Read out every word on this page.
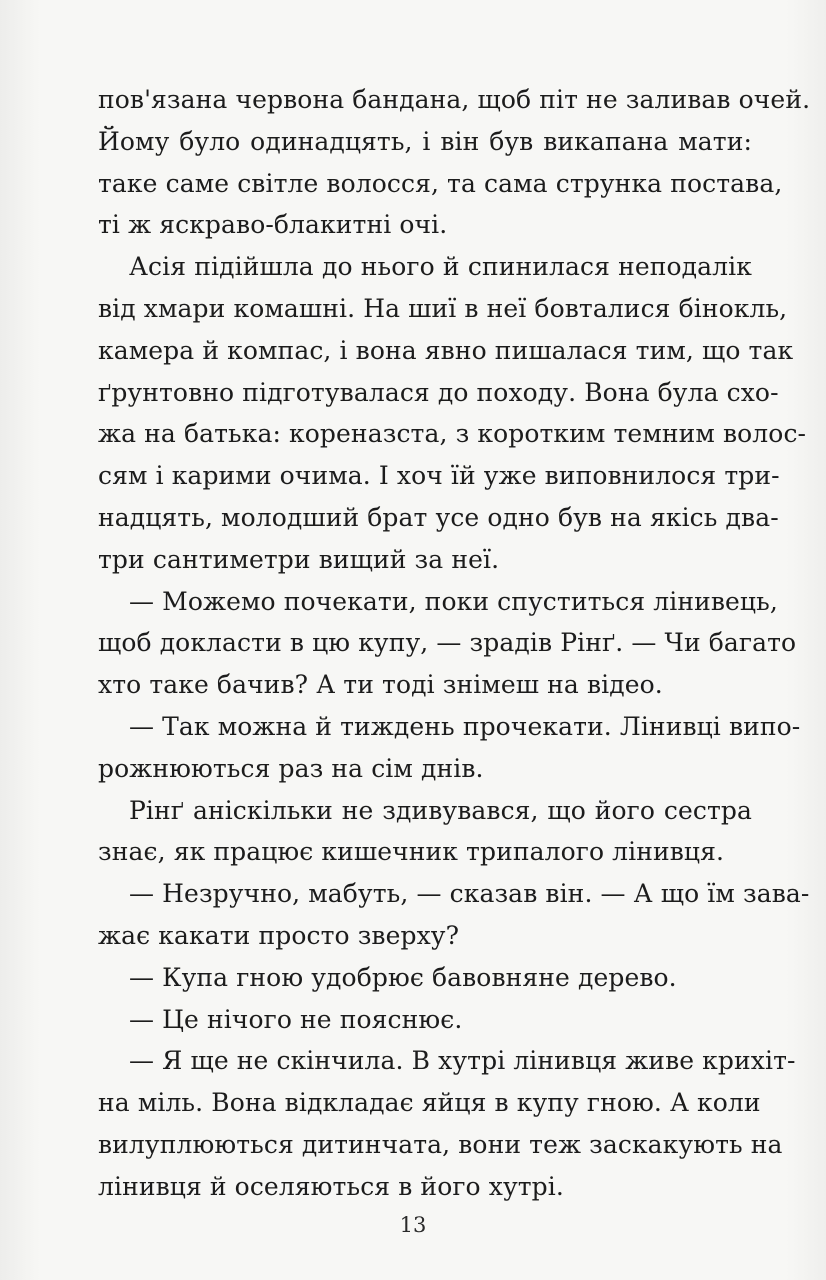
пов'язана червона бандана, щоб піт не заливав очей.
Йому було одинадцять, і він був викапана мати:
таке саме світле волосся, та сама струнка постава,
ті ж яскраво-блакитні очі.
Асія підійшла до нього й спинилася неподалік
від хмари комашні. На шиї в неї бовталися бінокль,
камера й компас, і вона явно пишалася тим, що так
ґрунтовно підготувалася до походу. Вона була схо-
жа на батька: кореназста, з коротким темним волос-
сям і карими очима. І хоч їй уже виповнилося три-
надцять, молодший брат усе одно був на якісь два-
три сантиметри вищий за неї.
— Можемо почекати, поки спуститься лінивець,
щоб докласти в цю купу, — зрадів Рінґ. — Чи багато
хто таке бачив? А ти тоді знімеш на відео.
— Так можна й тиждень прочекати. Лінивці випо-
рожнюються раз на сім днів.
Рінґ аніскільки не здивувався, що його сестра
знає, як працює кишечник трипалого лінивця.
— Незручно, мабуть, — сказав він. — А що їм зава-
жає какати просто зверху?
— Купа гною удобрює бавовняне дерево.
— Це нічого не пояснює.
— Я ще не скінчила. В хутрі лінивця живе крихіт-
на міль. Вона відкладає яйця в купу гною. А коли
вилуплюються дитинчата, вони теж заскакують на
лінивця й оселяються в його хутрі.
13
